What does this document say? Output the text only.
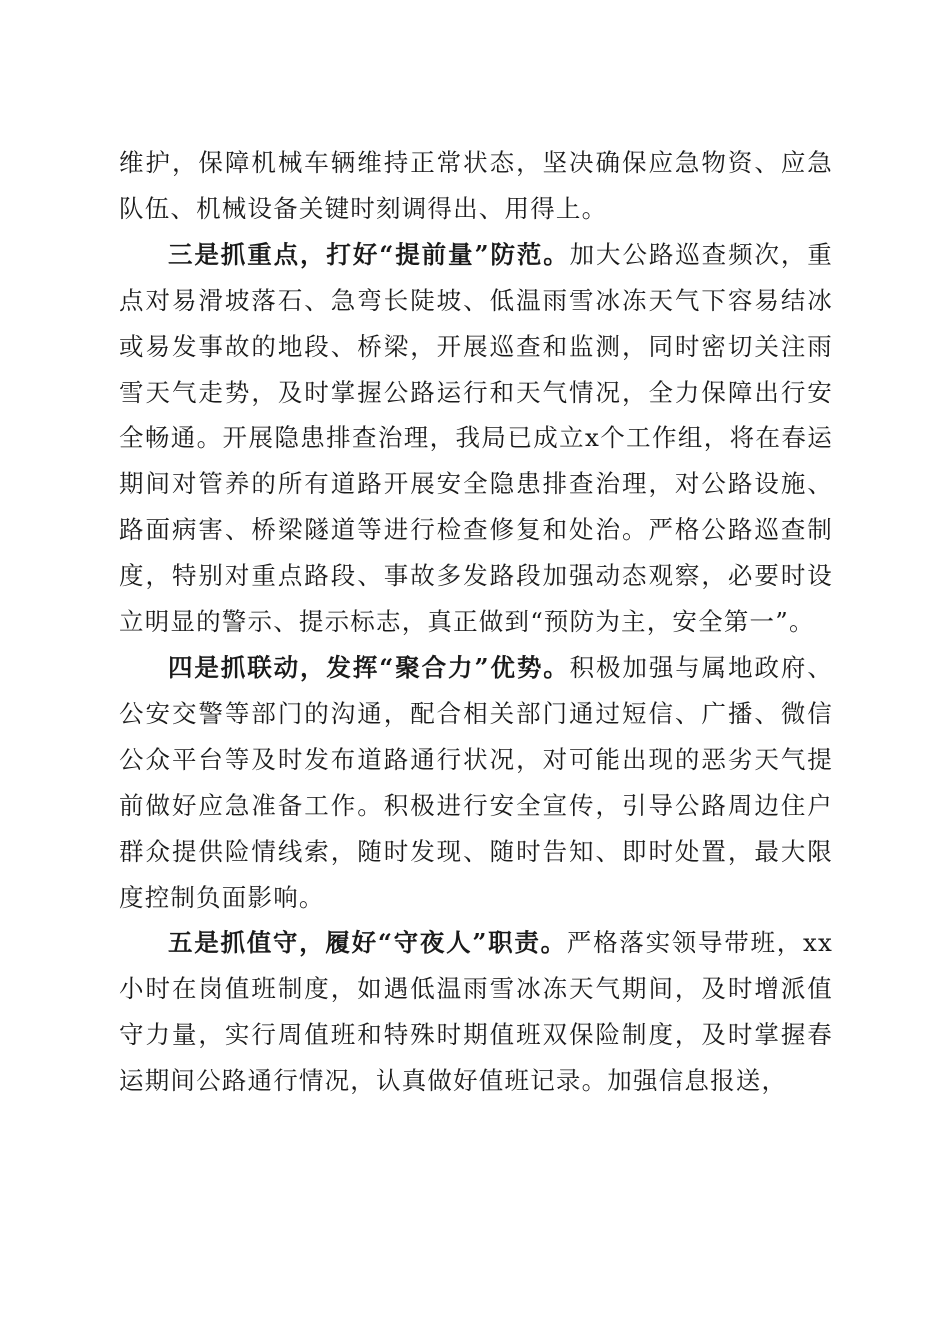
维护，保障机械车辆维持正常状态，坚决确保应急物资、应急队伍、机械设备关键时刻调得出、用得上。

三是抓重点，打好“提前量”防范。加大公路巡查频次，重点对易滑坡落石、急弯长陡坡、低温雨雪冰冻天气下容易结冰或易发事故的地段、桥梁，开展巡查和监测，同时密切关注雨雪天气走势，及时掌握公路运行和天气情况，全力保障出行安全畅通。开展隐患排查治理，我局已成立x个工作组，将在春运期间对管养的所有道路开展安全隐患排查治理，对公路设施、路面病害、桥梁隧道等进行检查修复和处治。严格公路巡查制度，特别对重点路段、事故多发路段加强动态观察，必要时设立明显的警示、提示标志，真正做到“预防为主，安全第一”。

四是抓联动，发挥“聚合力”优势。积极加强与属地政府、公安交警等部门的沟通，配合相关部门通过短信、广播、微信公众平台等及时发布道路通行状况，对可能出现的恶劣天气提前做好应急准备工作。积极进行安全宣传，引导公路周边住户群众提供险情线索，随时发现、随时告知、即时处置，最大限度控制负面影响。

五是抓值守，履好“守夜人”职责。严格落实领导带班，xx小时在岗值班制度，如遇低温雨雪冰冻天气期间，及时增派值守力量，实行周值班和特殊时期值班双保险制度，及时掌握春运期间公路通行情况，认真做好值班记录。加强信息报送，
